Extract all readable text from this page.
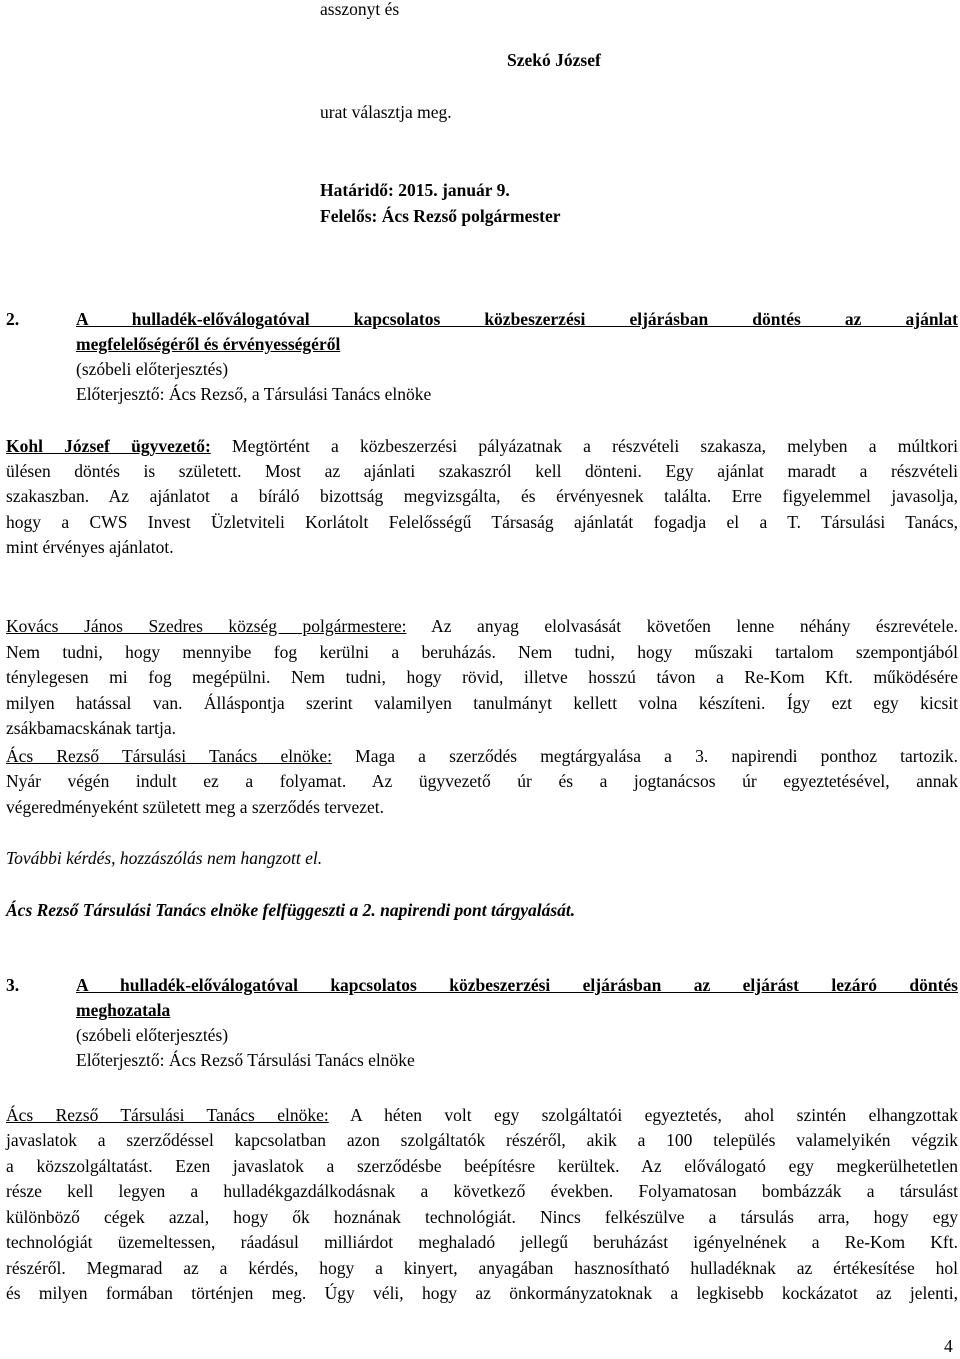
asszonyt és
Szekó József
urat választja meg.
Határidő: 2015. január 9.
Felelős: Ács Rezső polgármester
2.	A hulladék-előválogatóval kapcsolatos közbeszerzési eljárásban döntés az ajánlat
megfelelőségéről és érvényességéről
(szóbeli előterjesztés)
Előterjesztő: Ács Rezső, a Társulási Tanács elnöke
Kohl József ügyvezető: Megtörtént a közbeszerzési pályázatnak a részvételi szakasza, melyben a múltkori
ülésen döntés is született. Most az ajánlati szakaszról kell dönteni. Egy ajánlat maradt a részvételi
szakaszban. Az ajánlatot a bíráló bizottság megvizsgálta, és érvényesnek találta. Erre figyelemmel javasolja,
hogy a CWS Invest Üzletviteli Korlátolt Felelősségű Társaság ajánlatát fogadja el a T. Társulási Tanács,
mint érvényes ajánlatot.
Kovács János Szedres község polgármestere: Az anyag elolvasását követően lenne néhány észrevétele.
Nem tudni, hogy mennyibe fog kerülni a beruházás. Nem tudni, hogy műszaki tartalom szempontjából
ténylegesen mi fog megépülni. Nem tudni, hogy rövid, illetve hosszú távon a Re-Kom Kft. működésére
milyen hatással van. Álláspontja szerint valamilyen tanulmányt kellett volna készíteni. Így ezt egy kicsit
zsákbamacskának tartja.
Ács Rezső Társulási Tanács elnöke: Maga a szerződés megtárgyalása a 3. napirendi ponthoz tartozik.
Nyár végén indult ez a folyamat. Az ügyvezető úr és a jogtanácsos úr egyeztetésével, annak
végeredményeként született meg a szerződés tervezet.
További kérdés, hozzászólás nem hangzott el.
Ács Rezső Társulási Tanács elnöke felfüggeszti a 2. napirendi pont tárgyalását.
3.	A hulladék-előválogatóval kapcsolatos közbeszerzési eljárásban az eljárást lezáró döntés
meghozatala
(szóbeli előterjesztés)
Előterjesztő: Ács Rezső Társulási Tanács elnöke
Ács Rezső Társulási Tanács elnöke: A héten volt egy szolgáltatói egyeztetés, ahol szintén elhangzottak
javaslatok a szerződéssel kapcsolatban azon szolgáltatók részéről, akik a 100 település valamelyikén végzik
a közszolgáltatást. Ezen javaslatok a szerződésbe beépítésre kerültek. Az előválogató egy megkerülhetetlen
része kell legyen a hulladékgazdálkodásnak a következő években. Folyamatosan bombázzák a társulást
különböző cégek azzal, hogy ők hoznának technológiát. Nincs felkészülve a társulás arra, hogy egy
technológiát üzemeltessen, ráadásul milliárdot meghaladó jellegű beruházást igényelnének a Re-Kom Kft.
részéről. Megmarad az a kérdés, hogy a kinyert, anyagában hasznosítható hulladéknak az értékesítése hol
és milyen formában történjen meg. Úgy véli, hogy az önkormányzatoknak a legkisebb kockázatot az jelenti,
4
